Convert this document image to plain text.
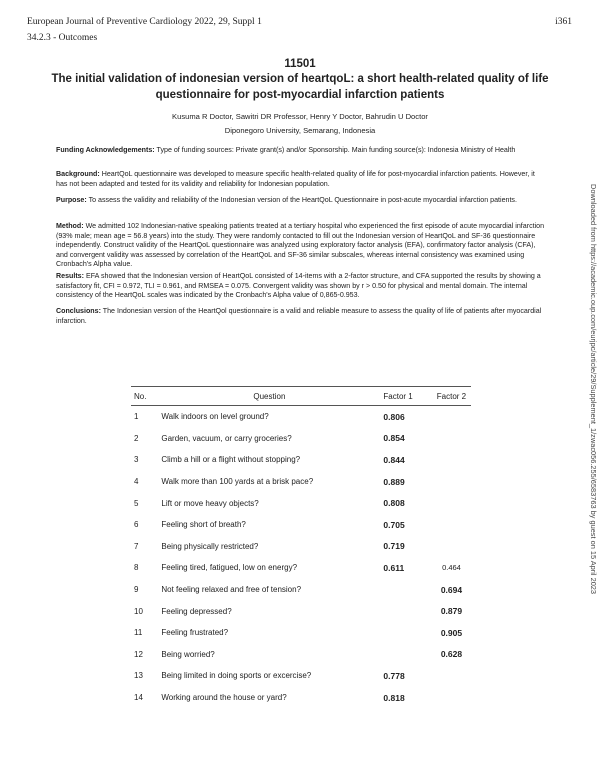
European Journal of Preventive Cardiology 2022, 29, Suppl 1	i361
34.2.3 - Outcomes
11501
The initial validation of indonesian version of heartqoL: a short health-related quality of life questionnaire for post-myocardial infarction patients
Kusuma R Doctor, Sawitri DR Professor, Henry Y Doctor, Bahrudin U Doctor
Diponegoro University, Semarang, Indonesia

Funding Acknowledgements: Type of funding sources: Private grant(s) and/or Sponsorship. Main funding source(s): Indonesia Ministry of Health

Background: HeartQoL questionnaire was developed to measure specific health-related quality of life for post-myocardial infarction patients. However, it has not been adapted and tested for its validity and reliability for Indonesian population.

Purpose: To assess the validity and reliability of the Indonesian version of the HeartQoL Questionnaire in post-acute myocardial infarction patients.

Method: We admitted 102 Indonesian-native speaking patients treated at a tertiary hospital who experienced the first episode of acute myocardial infarction (93% male; mean age = 56.8 years) into the study. They were randomly contacted to fill out the Indonesian version of HeartQoL and SF-36 questionnaire independently. Construct validity of the HeartQoL questionnaire was analyzed using exploratory factor analysis (EFA), confirmatory factor analysis (CFA), and convergent validity was assessed by correlation of the HeartQoL and SF-36 similar subscales, whereas internal consistency was examined using Cronbach's Alpha value.

Results: EFA showed that the Indonesian version of HeartQoL consisted of 14-items with a 2-factor structure, and CFA supported the results by showing a satisfactory fit, CFI = 0.972, TLI = 0.961, and RMSEA = 0.075. Convergent validity was shown by r > 0.50 for physical and mental domain. The internal consistency of the HeartQoL scales was indicated by the Cronbach's Alpha value of 0,865-0.953.

Conclusions: The Indonesian version of the HeartQol questionnaire is a valid and reliable measure to assess the quality of life of patients after myocardial infarction.	Downloaded from https://academic.oup.com/eurjpc/article/29/Supplement_1/zwac056.255/6583763 by guest on 15 April 2023
No.	Question	Factor 1	Factor 2
1	Walk indoors on level ground?	0.806	
2	Garden, vacuum, or carry groceries?	0.854	
3	Climb a hill or a flight without stopping?	0.844	
4	Walk more than 100 yards at a brisk pace?	0.889	
5	Lift or move heavy objects?	0.808	
6	Feeling short of breath?	0.705	
7	Being physically restricted?	0.719	
8	Feeling tired, fatigued, low on energy?	0.611	0.464
9	Not feeling relaxed and free of tension?		0.694
10	Feeling depressed?		0.879
11	Feeling frustrated?		0.905
12	Being worried?		0.628
13	Being limited in doing sports or excercise?	0.778	
14	Working around the house or yard?	0.818	
